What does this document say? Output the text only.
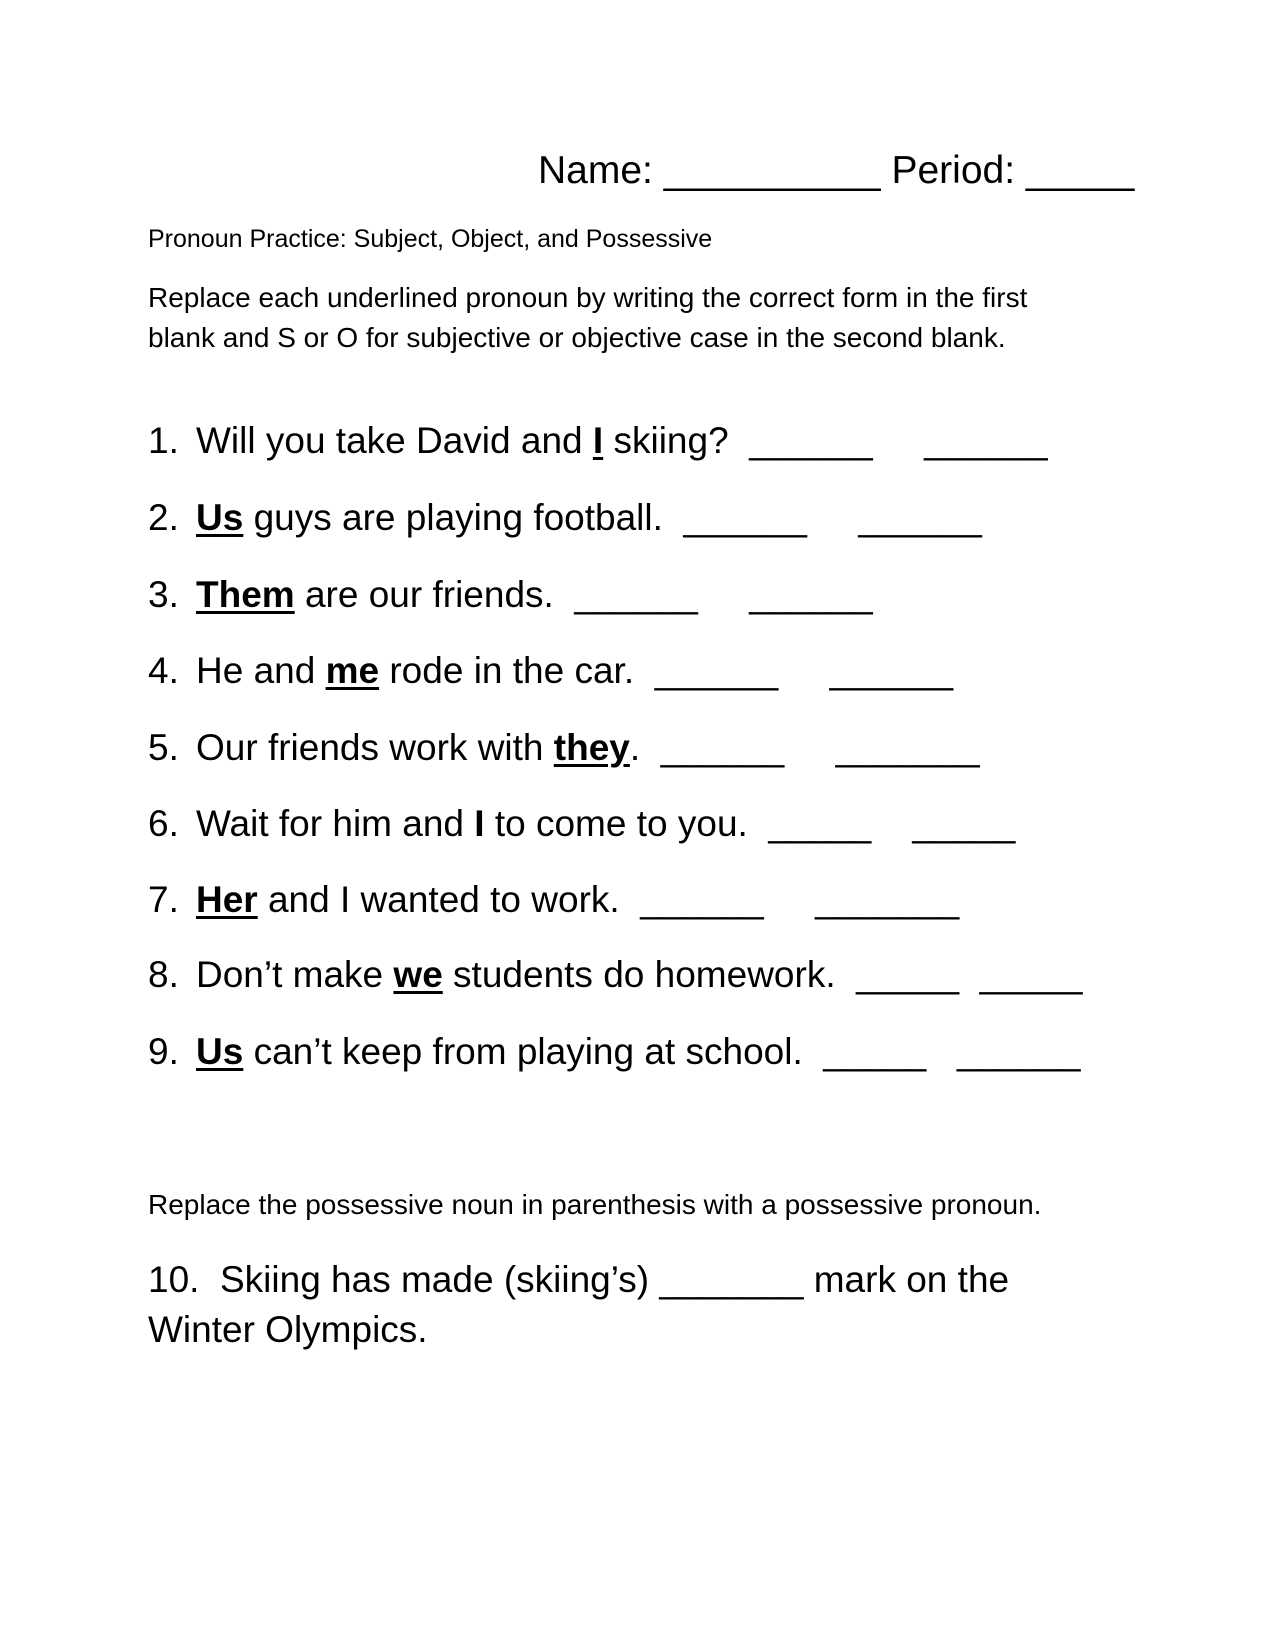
Name: __________ Period: _____
Pronoun Practice: Subject, Object, and Possessive
Replace each underlined pronoun by writing the correct form in the first blank and S or O for subjective or objective case in the second blank.
1. Will you take David and I skiing? ______ ______
2. Us guys are playing football. ______ ______
3. Them are our friends. ______ ______
4. He and me rode in the car. ______ ______
5. Our friends work with they. ______ _______
6. Wait for him and I to come to you. _____ _____
7. Her and I wanted to work. ______ _______
8. Don’t make we students do homework. _____ _____
9. Us can’t keep from playing at school. _____ ______
Replace the possessive noun in parenthesis with a possessive pronoun.
10. Skiing has made (skiing’s) _______ mark on the Winter Olympics.
